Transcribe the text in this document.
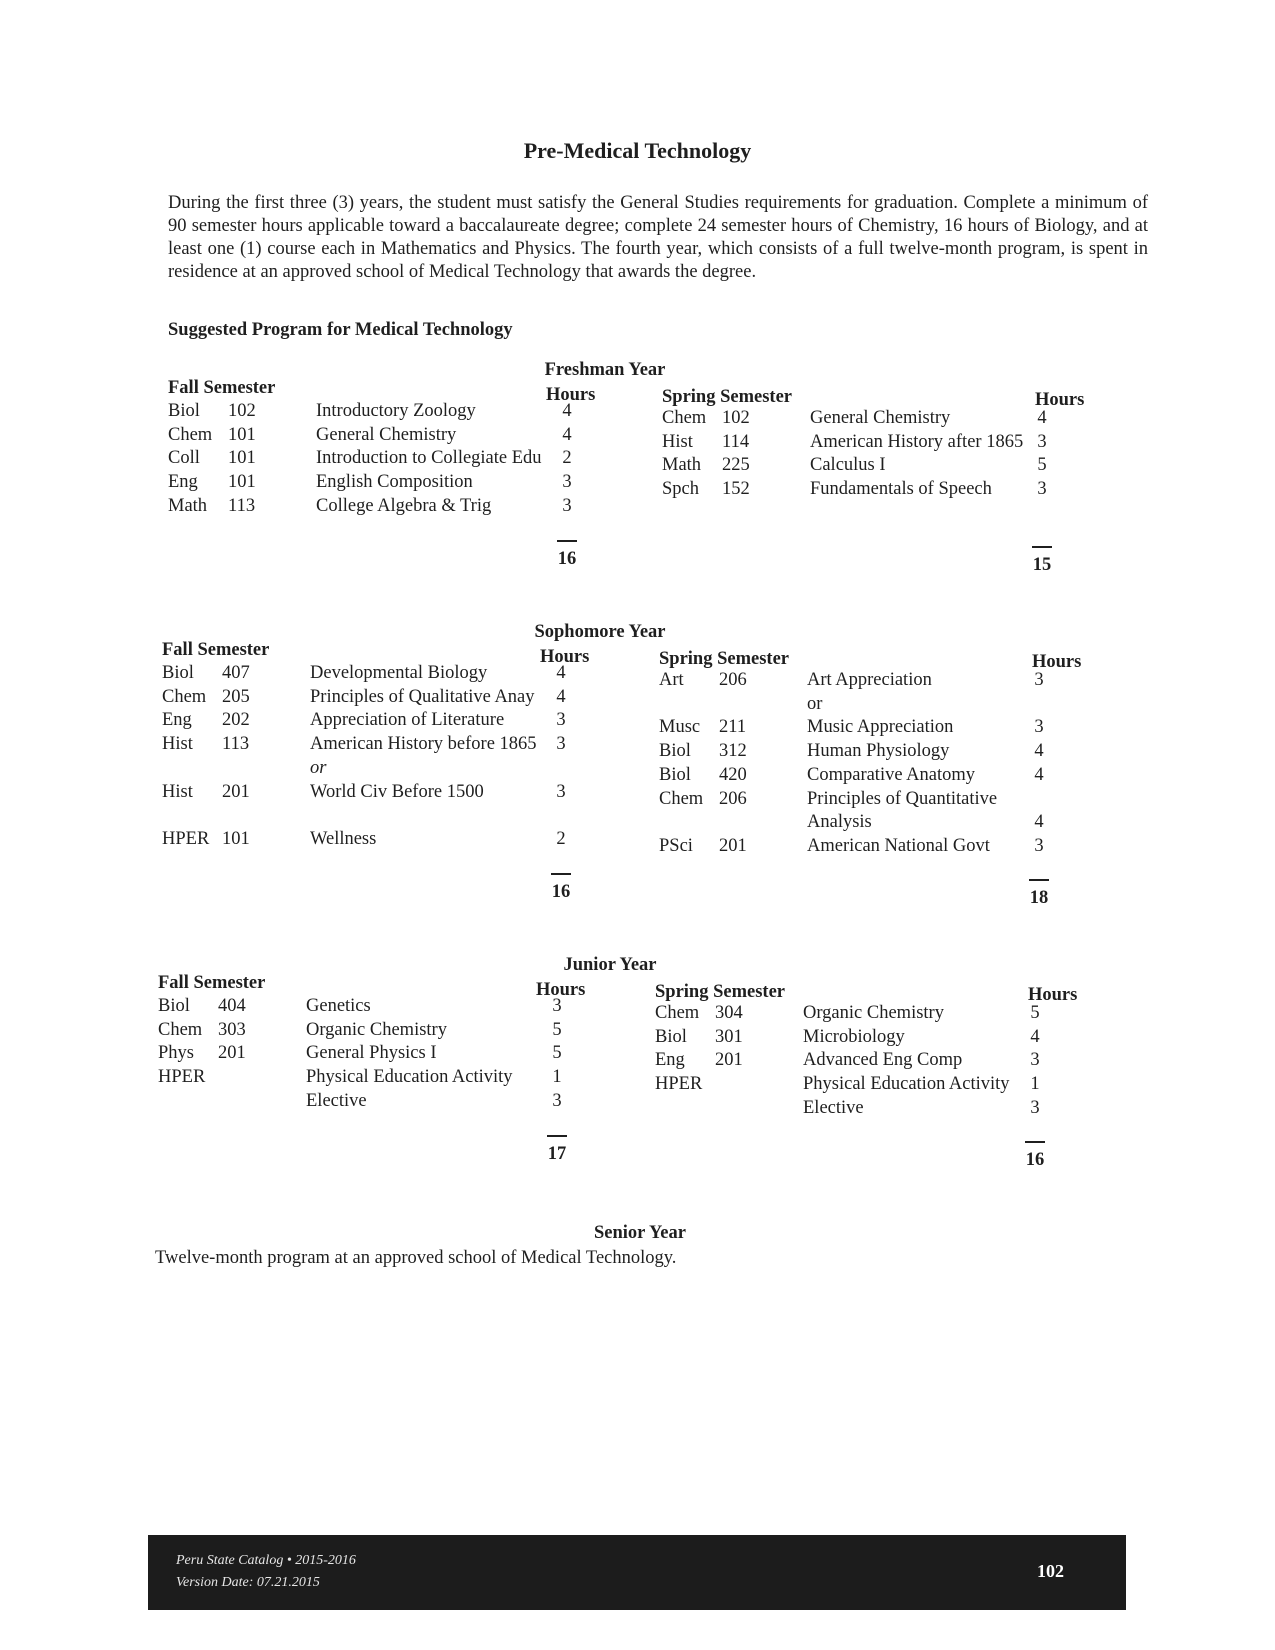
Pre-Medical Technology
During the first three (3) years, the student must satisfy the General Studies requirements for graduation. Complete a minimum of 90 semester hours applicable toward a baccalaureate degree; complete 24 semester hours of Chemistry, 16 hours of Biology, and at least one (1) course each in Mathematics and Physics. The fourth year, which consists of a full twelve-month program, is spent in residence at an approved school of Medical Technology that awards the degree.
Suggested Program for Medical Technology
Freshman Year
Fall Semester	Hours
Biol 102	Introductory Zoology	4
Chem 101	General Chemistry	4
Coll 101	Introduction to Collegiate Edu	2
Eng 101	English Composition	3
Math 113	College Algebra & Trig	3
16
Spring Semester	Hours
Chem 102	General Chemistry	4
Hist 114	American History after 1865 3
Math 225	Calculus I	5
Spch 152	Fundamentals of Speech	3
15
Sophomore Year
Fall Semester	Hours
Biol 407	Developmental Biology	4
Chem 205	Principles of Qualitative Anay	4
Eng 202	Appreciation of Literature	3
Hist 113	American History before 1865	3
or
Hist 201	World Civ Before 1500	3
HPER 101	Wellness	2
16
Spring Semester	Hours
Art 206	Art Appreciation	3
or
Musc 211	Music Appreciation	3
Biol 312	Human Physiology	4
Biol 420	Comparative Anatomy	4
Chem 206	Principles of Quantitative
Analysis	4
PSci 201	American National Govt	3
18
Junior Year
Fall Semester	Hours
Biol 404	Genetics	3
Chem 303	Organic Chemistry	5
Phys 201	General Physics I	5
HPER	Physical Education Activity	1
Elective	3
17
Spring Semester	Hours
Chem 304	Organic Chemistry	5
Biol 301	Microbiology	4
Eng 201	Advanced Eng Comp	3
HPER	Physical Education Activity	1
Elective	3
16
Senior Year
Twelve-month program at an approved school of Medical Technology.
Peru State Catalog • 2015-2016
Version Date: 07.21.2015
102
